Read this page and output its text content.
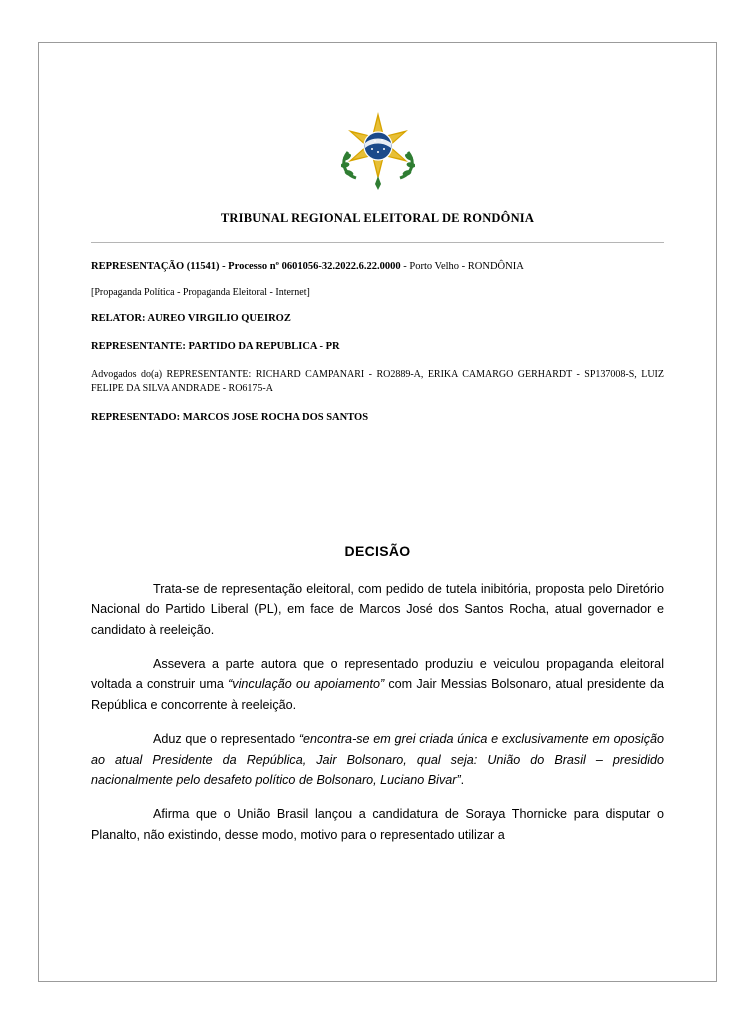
TRIBUNAL REGIONAL ELEITORAL DE RONDÔNIA
REPRESENTAÇÃO (11541) - Processo nº 0601056-32.2022.6.22.0000 - Porto Velho - RONDÔNIA
[Propaganda Política - Propaganda Eleitoral - Internet]
RELATOR: AUREO VIRGILIO QUEIROZ
REPRESENTANTE: PARTIDO DA REPUBLICA - PR
Advogados do(a) REPRESENTANTE: RICHARD CAMPANARI - RO2889-A, ERIKA CAMARGO GERHARDT - SP137008-S, LUIZ FELIPE DA SILVA ANDRADE - RO6175-A
REPRESENTADO: MARCOS JOSE ROCHA DOS SANTOS
DECISÃO
Trata-se de representação eleitoral, com pedido de tutela inibitória, proposta pelo Diretório Nacional do Partido Liberal (PL), em face de Marcos José dos Santos Rocha, atual governador e candidato à reeleição.
Assevera a parte autora que o representado produziu e veiculou propaganda eleitoral voltada a construir uma “vinculação ou apoiamento” com Jair Messias Bolsonaro, atual presidente da República e concorrente à reeleição.
Aduz que o representado “encontra-se em grei criada única e exclusivamente em oposição ao atual Presidente da República, Jair Bolsonaro, qual seja: União do Brasil – presidido nacionalmente pelo desafeto político de Bolsonaro, Luciano Bivar”.
Afirma que o União Brasil lançou a candidatura de Soraya Thornicke para disputar o Planalto, não existindo, desse modo, motivo para o representado utilizar a
